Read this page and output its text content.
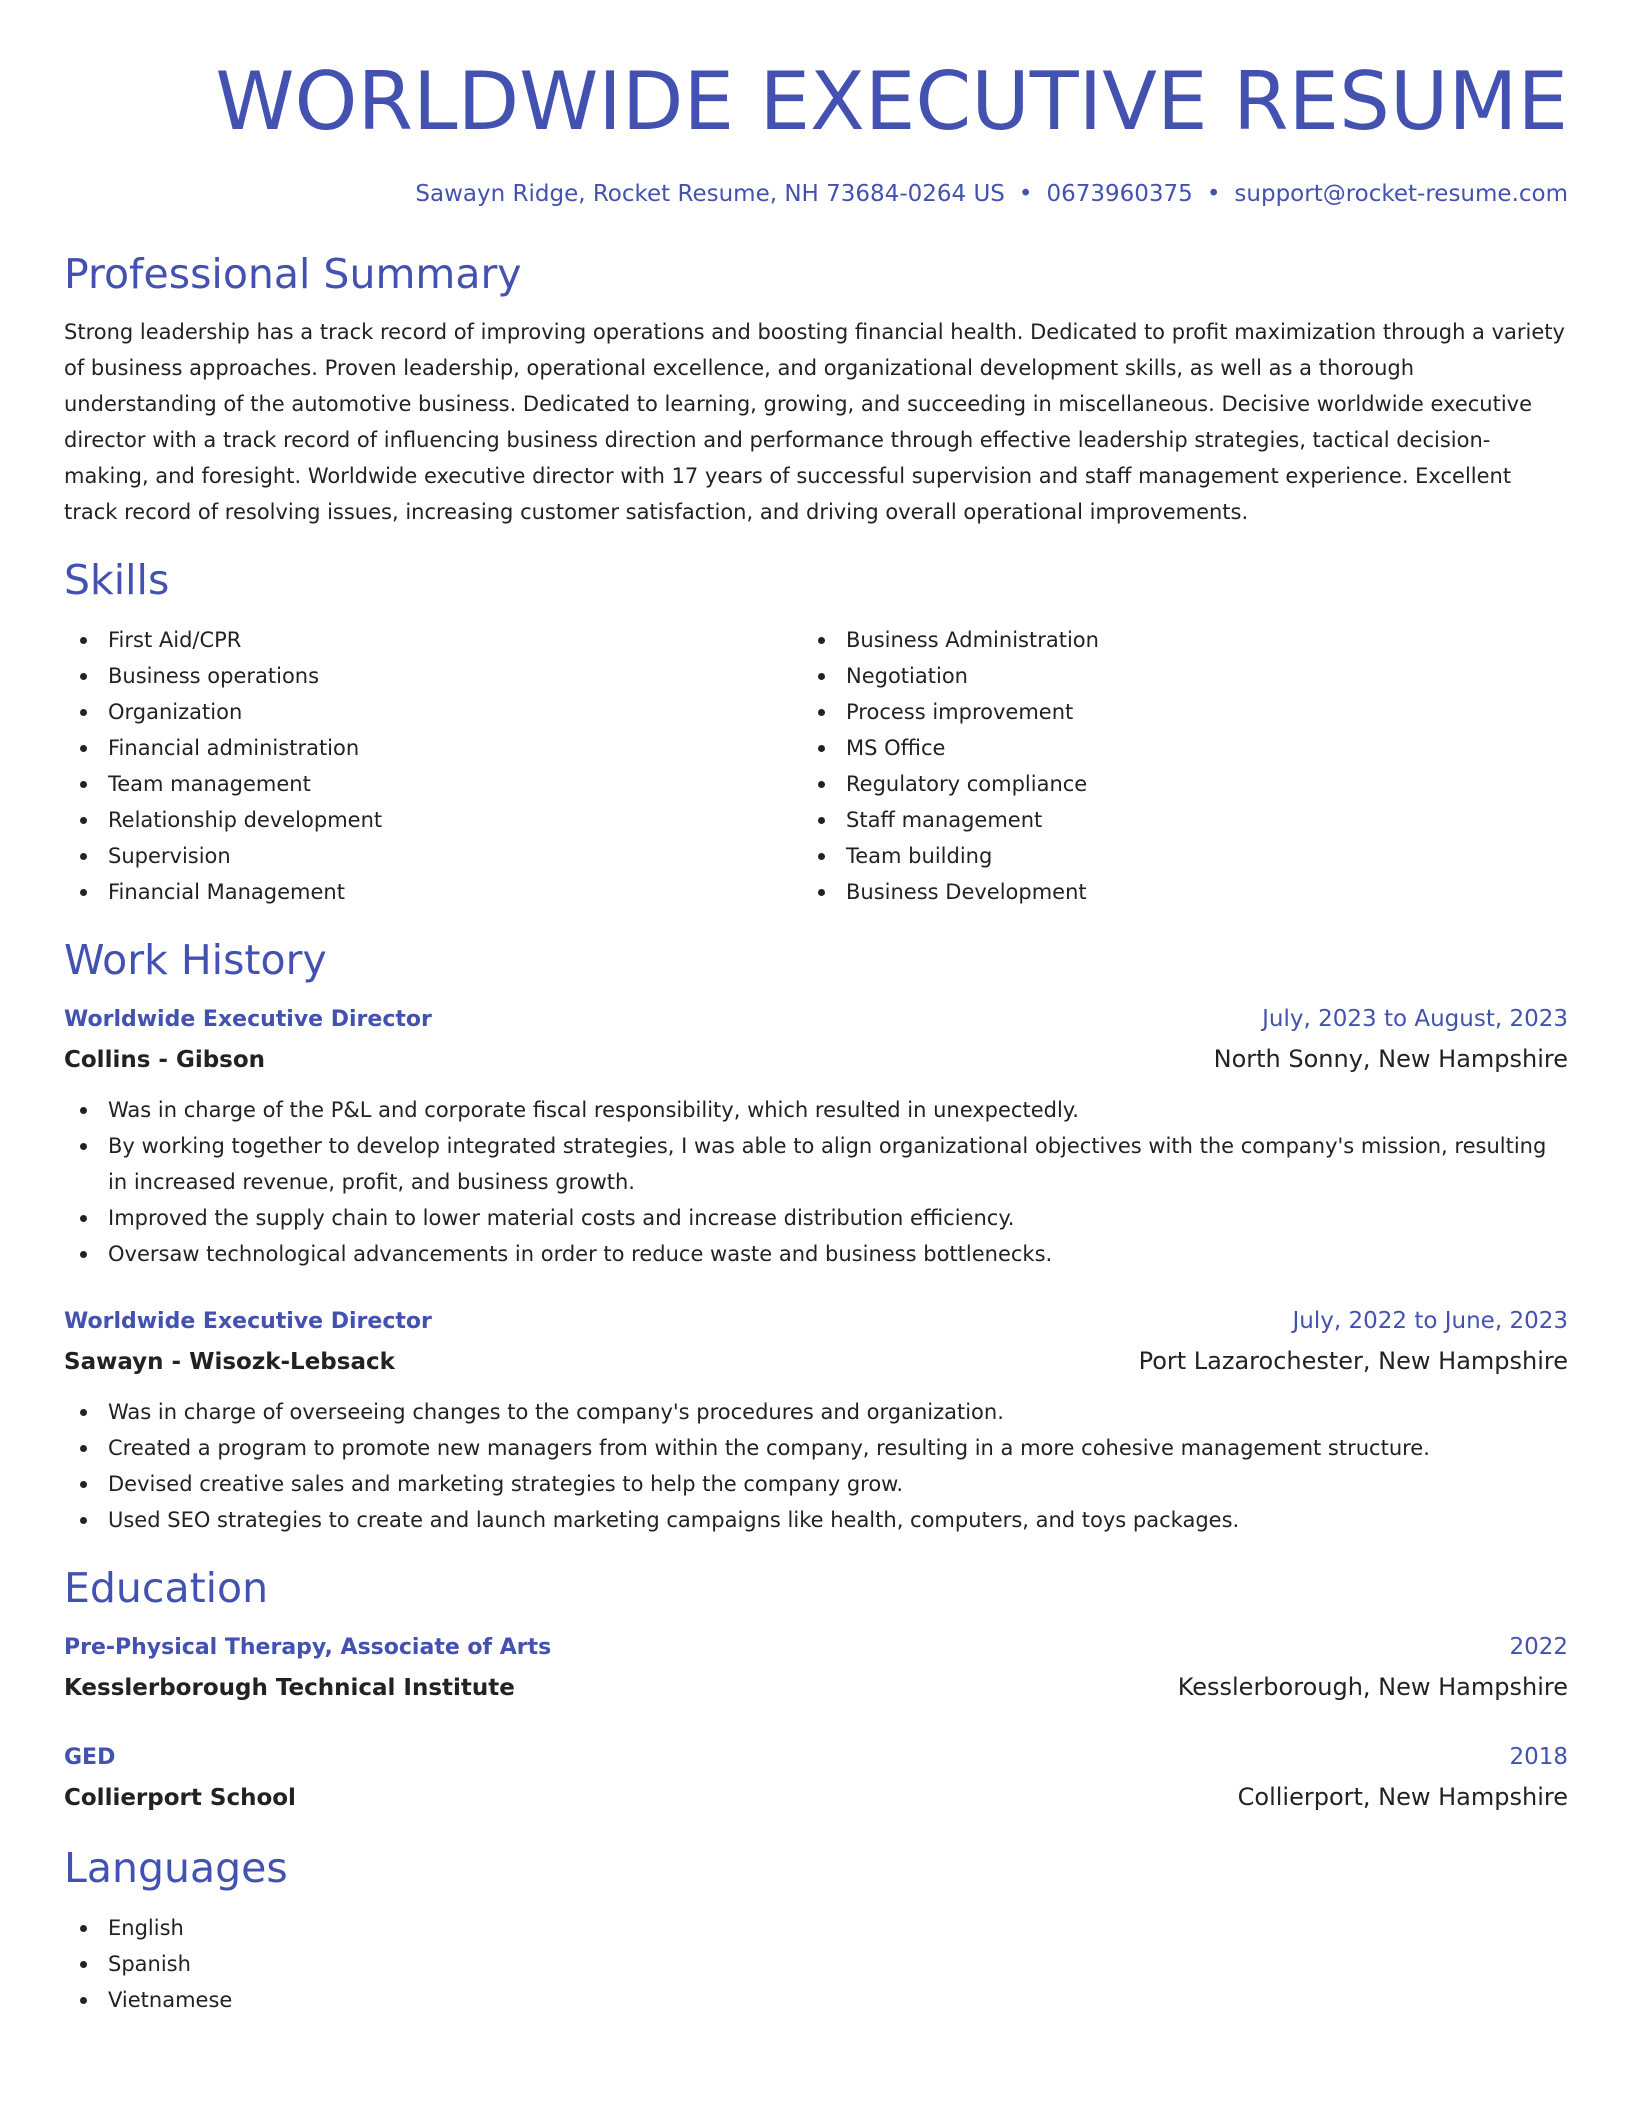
WORLDWIDE EXECUTIVE RESUME
Sawayn Ridge, Rocket Resume, NH 73684-0264 US • 0673960375 • support@rocket-resume.com
Professional Summary
Strong leadership has a track record of improving operations and boosting financial health. Dedicated to profit maximization through a variety of business approaches. Proven leadership, operational excellence, and organizational development skills, as well as a thorough understanding of the automotive business. Dedicated to learning, growing, and succeeding in miscellaneous. Decisive worldwide executive director with a track record of influencing business direction and performance through effective leadership strategies, tactical decision-making, and foresight. Worldwide executive director with 17 years of successful supervision and staff management experience. Excellent track record of resolving issues, increasing customer satisfaction, and driving overall operational improvements.
Skills
First Aid/CPR
Business operations
Organization
Financial administration
Team management
Relationship development
Supervision
Financial Management
Business Administration
Negotiation
Process improvement
MS Office
Regulatory compliance
Staff management
Team building
Business Development
Work History
Worldwide Executive Director	July, 2023 to August, 2023
Collins - Gibson	North Sonny, New Hampshire
Was in charge of the P&L and corporate fiscal responsibility, which resulted in unexpectedly.
By working together to develop integrated strategies, I was able to align organizational objectives with the company's mission, resulting in increased revenue, profit, and business growth.
Improved the supply chain to lower material costs and increase distribution efficiency.
Oversaw technological advancements in order to reduce waste and business bottlenecks.
Worldwide Executive Director	July, 2022 to June, 2023
Sawayn - Wisozk-Lebsack	Port Lazarochester, New Hampshire
Was in charge of overseeing changes to the company's procedures and organization.
Created a program to promote new managers from within the company, resulting in a more cohesive management structure.
Devised creative sales and marketing strategies to help the company grow.
Used SEO strategies to create and launch marketing campaigns like health, computers, and toys packages.
Education
Pre-Physical Therapy, Associate of Arts	2022
Kesslerborough Technical Institute	Kesslerborough, New Hampshire
GED	2018
Collierport School	Collierport, New Hampshire
Languages
English
Spanish
Vietnamese
